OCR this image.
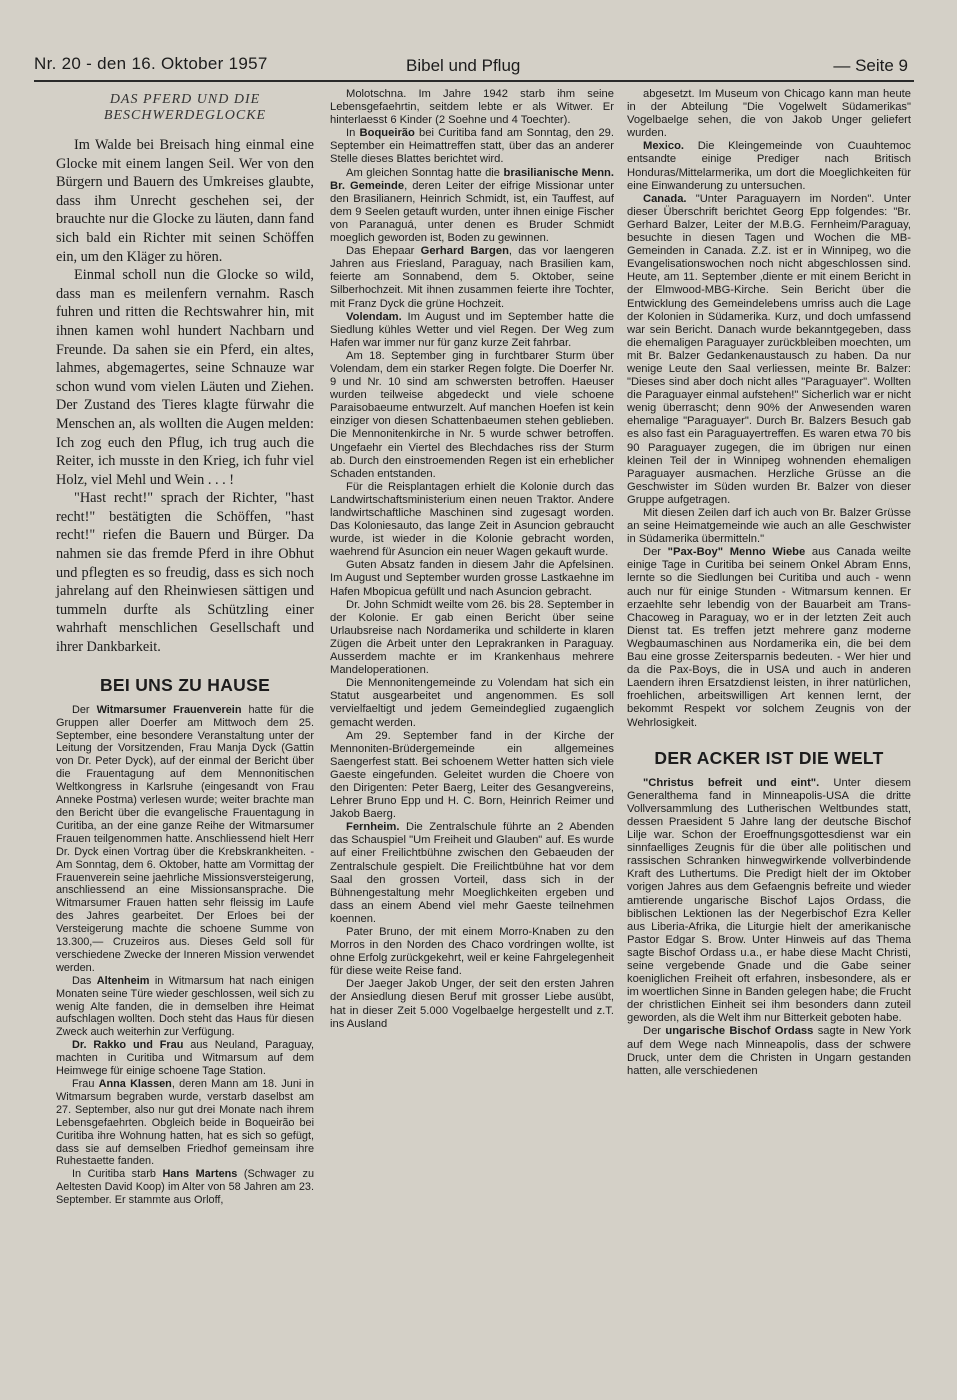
Nr. 20 - den 16. Oktober 1957	Bibel und Pflug	— Seite 9
DAS PFERD UND DIE
BESCHWERDEGLOCKE

Im Walde bei Breisach hing einmal eine Glocke mit einem langen Seil. Wer von den Bürgern und Bauern des Umkreises glaubte, dass ihm Unrecht geschehen sei, der brauchte nur die Glocke zu läuten, dann fand sich bald ein Richter mit seinen Schöffen ein, um den Kläger zu hören.

Einmal scholl nun die Glocke so wild, dass man es meilenfern vernahm. Rasch fuhren und ritten die Rechtswahrer hin, mit ihnen kamen wohl hundert Nachbarn und Freunde. Da sahen sie ein Pferd, ein altes, lahmes, abgemagertes, seine Schnauze war schon wund vom vielen Läuten und Ziehen. Der Zustand des Tieres klagte fürwahr die Menschen an, als wollten die Augen melden: Ich zog euch den Pflug, ich trug auch die Reiter, ich musste in den Krieg, ich fuhr viel Holz, viel Mehl und Wein . . . !

"Hast recht!" sprach der Richter, "hast recht!" bestätigten die Schöffen, "hast recht!" riefen die Bauern und Bürger. Da nahmen sie das fremde Pferd in ihre Obhut und pflegten es so freudig, dass es sich noch jahrelang auf den Rheinwiesen sättigen und tummeln durfte als Schützling einer wahrhaft menschlichen Gesellschaft und ihrer Dankbarkeit.

BEI UNS ZU HAUSE

Der Witmarsumer Frauenverein hatte für die Gruppen aller Doerfer am Mittwoch dem 25. September, eine besondere Veranstaltung unter der Leitung der Vorsitzenden, Frau Manja Dyck (Gattin von Dr. Peter Dyck), auf der einmal der Bericht über die Frauentagung auf dem Mennonitischen Weltkongress in Karlsruhe (eingesandt von Frau Anneke Postma) verlesen wurde; weiter brachte man den Bericht über die evangelische Frauentagung in Curitiba, an der eine ganze Reihe der Witmarsumer Frauen teilgenommen hatte. Anschliessend hielt Herr Dr. Dyck einen Vortrag über die Krebskrankheiten. - Am Sonntag, dem 6. Oktober, hatte am Vormittag der Frauenverein seine jaehrliche Missionsversteigerung, anschliessend an eine Missionsansprache. Die Witmarsumer Frauen hatten sehr fleissig im Laufe des Jahres gearbeitet. Der Erloes bei der Versteigerung machte die schoene Summe von 13.300,— Cruzeiros aus. Dieses Geld soll für verschiedene Zwecke der Inneren Mission verwendet werden.

Das Altenheim in Witmarsum hat nach einigen Monaten seine Türe wieder geschlossen, weil sich zu wenig Alte fanden, die in demselben ihre Heimat aufschlagen wollten. Doch steht das Haus für diesen Zweck auch weiterhin zur Verfügung.

Dr. Rakko und Frau aus Neuland, Paraguay, machten in Curitiba und Witmarsum auf dem Heimwege für einige schoene Tage Station.

Frau Anna Klassen, deren Mann am 18. Juni in Witmarsum begraben wurde, verstarb daselbst am 27. September, also nur gut drei Monate nach ihrem Lebensgefaehrten. Obgleich beide in Boqueirão bei Curitiba ihre Wohnung hatten, hat es sich so gefügt, dass sie auf demselben Friedhof gemeinsam ihre Ruhestaette fanden.

In Curitiba starb Hans Martens (Schwager zu Aeltesten David Koop) im Alter von 58 Jahren am 23. September. Er stammte aus Orloff,

Molotschna. Im Jahre 1942 starb ihm seine Lebensgefaehrtin, seitdem lebte er als Witwer. Er hinterlaesst 6 Kinder (2 Soehne und 4 Toechter).

In Boqueirão bei Curitiba fand am Sonntag, den 29. September ein Heimattreffen statt, über das an anderer Stelle dieses Blattes berichtet wird.

Am gleichen Sonntag hatte die brasilianische Menn. Br. Gemeinde, deren Leiter der eifrige Missionar unter den Brasilianern, Heinrich Schmidt, ist, ein Tauffest, auf dem 9 Seelen getauft wurden, unter ihnen einige Fischer von Paranaguá, unter denen es Bruder Schmidt moeglich geworden ist, Boden zu gewinnen.

Das Ehepaar Gerhard Bargen, das vor laengeren Jahren aus Friesland, Paraguay, nach Brasilien kam, feierte am Sonnabend, dem 5. Oktober, seine Silberhochzeit. Mit ihnen zusammen feierte ihre Tochter, mit Franz Dyck die grüne Hochzeit.

Volendam. Im August und im September hatte die Siedlung kühles Wetter und viel Regen. Der Weg zum Hafen war immer nur für ganz kurze Zeit fahrbar.

Am 18. September ging in furchtbarer Sturm über Volendam, dem ein starker Regen folgte. Die Doerfer Nr. 9 und Nr. 10 sind am schwersten betroffen. Haeuser wurden teilweise abgedeckt und viele schoene Paraisobaeume entwurzelt. Auf manchen Hoefen ist kein einziger von diesen Schattenbaeumen stehen geblieben. Die Mennonitenkirche in Nr. 5 wurde schwer betroffen. Ungefaehr ein Viertel des Blechdaches riss der Sturm ab. Durch den einstroemenden Regen ist ein erheblicher Schaden entstanden.

Für die Reisplantagen erhielt die Kolonie durch das Landwirtschaftsministerium einen neuen Traktor. Andere landwirtschaftliche Maschinen sind zugesagt worden. Das Koloniesauto, das lange Zeit in Asuncion gebraucht wurde, ist wieder in die Kolonie gebracht worden, waehrend für Asuncion ein neuer Wagen gekauft wurde.

Guten Absatz fanden in diesem Jahr die Apfelsinen. Im August und September wurden grosse Lastkaehne im Hafen Mbopicua gefüllt und nach Asuncion gebracht.

Dr. John Schmidt weilte vom 26. bis 28. September in der Kolonie. Er gab einen Bericht über seine Urlaubsreise nach Nordamerika und schilderte in klaren Zügen die Arbeit unter den Leprakranken in Paraguay. Ausserdem machte er im Krankenhaus mehrere Mandeloperationen.

Die Mennonitengemeinde zu Volendam hat sich ein Statut ausgearbeitet und angenommen. Es soll vervielfaeltigt und jedem Gemeindeglied zugaenglich gemacht werden.

Am 29. September fand in der Kirche der Mennoniten-Brüdergemeinde ein allgemeines Saengerfest statt. Bei schoenem Wetter hatten sich viele Gaeste eingefunden. Geleitet wurden die Choere von den Dirigenten: Peter Baerg, Leiter des Gesangvereins, Lehrer Bruno Epp und H. C. Born, Heinrich Reimer und Jakob Baerg.

Fernheim. Die Zentralschule führte an 2 Abenden das Schauspiel "Um Freiheit und Glauben" auf. Es wurde auf einer Freilichtbühne zwischen den Gebaeuden der Zentralschule gespielt. Die Freilichtbühne hat vor dem Saal den grossen Vorteil, dass sich in der Bühnengestaltung mehr Moeglichkeiten ergeben und dass an einem Abend viel mehr Gaeste teilnehmen koennen.

Pater Bruno, der mit einem Morro-Knaben zu den Morros in den Norden des Chaco vordringen wollte, ist ohne Erfolg zurückgekehrt, weil er keine Fahrgelegenheit für diese weite Reise fand.

Der Jaeger Jakob Unger, der seit den ersten Jahren der Ansiedlung diesen Beruf mit grosser Liebe ausübt, hat in dieser Zeit 5.000 Vogelbaelge hergestellt und z.T. ins Ausland

abgesetzt. Im Museum von Chicago kann man heute in der Abteilung "Die Vogelwelt Südamerikas" Vogelbaelge sehen, die von Jakob Unger geliefert wurden.

Mexico. Die Kleingemeinde von Cuauhtemoc entsandte einige Prediger nach Britisch Honduras/Mittelarmerika, um dort die Moeglichkeiten für eine Einwanderung zu untersuchen.

Canada. "Unter Paraguayern im Norden". Unter dieser Überschrift berichtet Georg Epp folgendes: "Br. Gerhard Balzer, Leiter der M.B.G. Fernheim/Paraguay, besuchte in diesen Tagen und Wochen die MB-Gemeinden in Canada. Z.Z. ist er in Winnipeg, wo die Evangelisationswochen noch nicht abgeschlossen sind. Heute, am 11. September ‚diente er mit einem Bericht in der Elmwood-MBG-Kirche. Sein Bericht über die Entwicklung des Gemeindelebens umriss auch die Lage der Kolonien in Südamerika. Kurz, und doch umfassend war sein Bericht. Danach wurde bekanntgegeben, dass die ehemaligen Paraguayer zurückbleiben moechten, um mit Br. Balzer Gedankenaustausch zu haben. Da nur wenige Leute den Saal verliessen, meinte Br. Balzer: "Dieses sind aber doch nicht alles "Paraguayer". Wollten die Paraguayer einmal aufstehen!" Sicherlich war er nicht wenig überrascht; denn 90% der Anwesenden waren ehemalige "Paraguayer". Durch Br. Balzers Besuch gab es also fast ein Paraguayertreffen. Es waren etwa 70 bis 90 Paraguayer zugegen, die im übrigen nur einen kleinen Teil der in Winnipeg wohnenden ehemaligen Paraguayer ausmachen. Herzliche Grüsse an die Geschwister im Süden wurden Br. Balzer von dieser Gruppe aufgetragen.

Mit diesen Zeilen darf ich auch von Br. Balzer Grüsse an seine Heimatgemeinde wie auch an alle Geschwister in Südamerika übermitteln."

Der "Pax-Boy" Menno Wiebe aus Canada weilte einige Tage in Curitiba bei seinem Onkel Abram Enns, lernte so die Siedlungen bei Curitiba und auch - wenn auch nur für einige Stunden - Witmarsum kennen. Er erzaehlte sehr lebendig von der Bauarbeit am Trans-Chacoweg in Paraguay, wo er in der letzten Zeit auch Dienst tat. Es treffen jetzt mehrere ganz moderne Wegbaumaschinen aus Nordamerika ein, die bei dem Bau eine grosse Zeitersparnis bedeuten. - Wer hier und da die Pax-Boys, die in USA und auch in anderen Laendern ihren Ersatzdienst leisten, in ihrer natürlichen, froehlichen, arbeitswilligen Art kennen lernt, der bekommt Respekt vor solchem Zeugnis von der Wehrlosigkeit.

DER ACKER IST DIE WELT

"Christus befreit und eint". Unter diesem Generalthema fand in Minneapolis-USA die dritte Vollversammlung des Lutherischen Weltbundes statt, dessen Praesident 5 Jahre lang der deutsche Bischof Lilje war. Schon der Eroeffnungsgottesdienst war ein sinnfaelliges Zeugnis für die über alle politischen und rassischen Schranken hinwegwirkende vollverbindende Kraft des Luthertums. Die Predigt hielt der im Oktober vorigen Jahres aus dem Gefaengnis befreite und wieder amtierende ungarische Bischof Lajos Ordass, die biblischen Lektionen las der Negerbischof Ezra Keller aus Liberia-Afrika, die Liturgie hielt der amerikanische Pastor Edgar S. Brow. Unter Hinweis auf das Thema sagte Bischof Ordass u.a., er habe diese Macht Christi, seine vergebende Gnade und die Gabe seiner koeniglichen Freiheit oft erfahren, insbesondere, als er im woertlichen Sinne in Banden gelegen habe; die Frucht der christlichen Einheit sei ihm besonders dann zuteil geworden, als die Welt ihm nur Bitterkeit geboten habe.

Der ungarische Bischof Ordass sagte in New York auf dem Wege nach Minneapolis, dass der schwere Druck, unter dem die Christen in Ungarn gestanden hatten, alle verschiedenen
